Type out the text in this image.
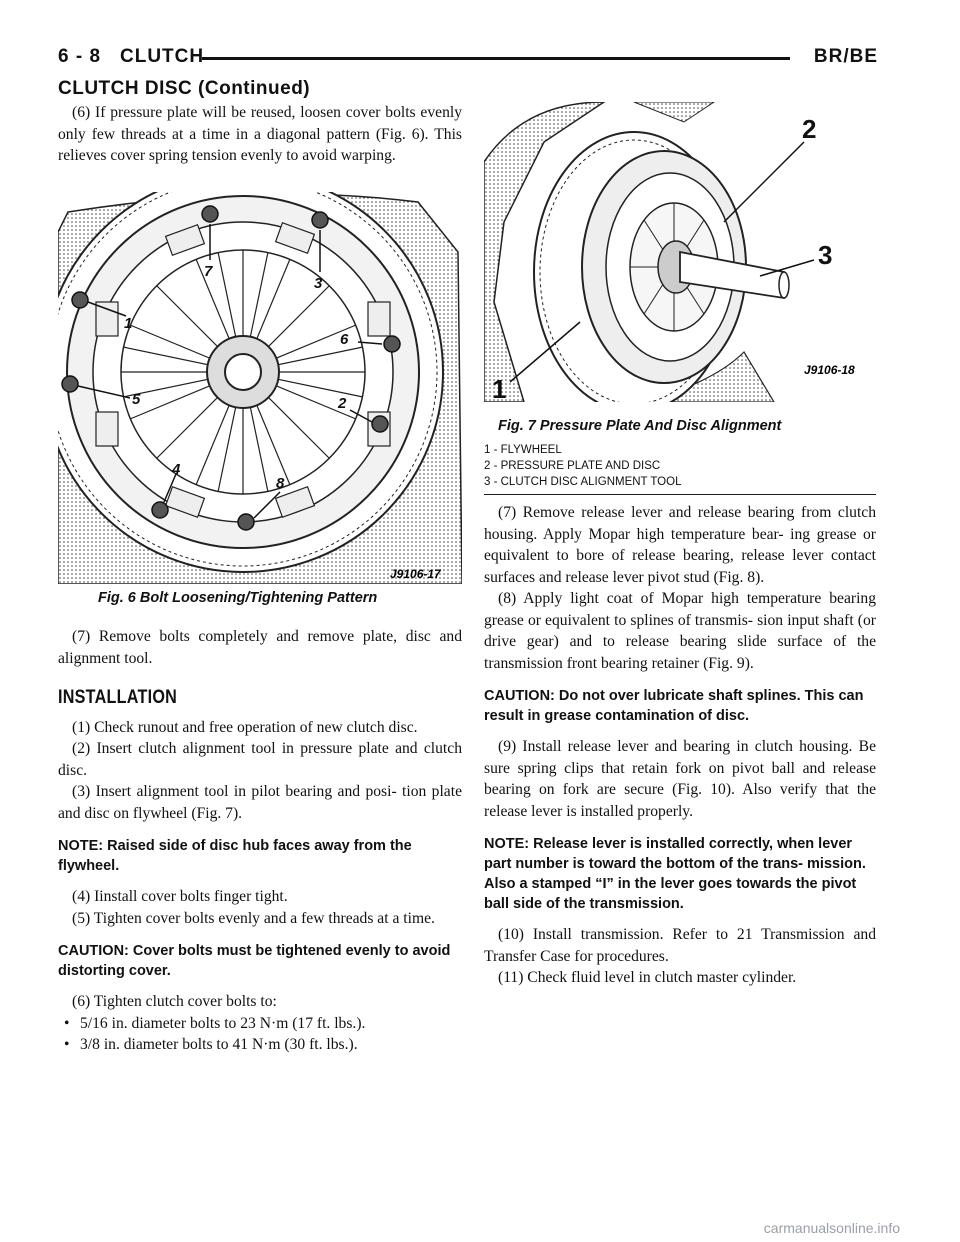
6 - 8 CLUTCH	BR/BE
CLUTCH DISC (Continued)

(6) If pressure plate will be reused, loosen cover bolts evenly only few threads at a time in a diagonal pattern (Fig. 6). This relieves cover spring tension evenly to avoid warping.

7
3
1
6
5	2
4
8
J9106-17
Fig. 6 Bolt Loosening/Tightening Pattern

(7) Remove bolts completely and remove plate, disc and alignment tool.

INSTALLATION

(1) Check runout and free operation of new clutch disc.

(2) Insert clutch alignment tool in pressure plate and clutch disc.

(3) Insert alignment tool in pilot bearing and posi- tion plate and disc on flywheel (Fig. 7).

NOTE: Raised side of disc hub faces away from the flywheel.

(4) Iinstall cover bolts finger tight.

(5) Tighten cover bolts evenly and a few threads at a time.

CAUTION: Cover bolts must be tightened evenly to avoid distorting cover.

(6) Tighten clutch cover bolts to:

• 5/16 in. diameter bolts to 23 N·m (17 ft. lbs.).

• 3/8 in. diameter bolts to 41 N·m (30 ft. lbs.).

1
2
3
J9106-18
Fig. 7 Pressure Plate And Disc Alignment
1 - FLYWHEEL
2 - PRESSURE PLATE AND DISC
3 - CLUTCH DISC ALIGNMENT TOOL

(7) Remove release lever and release bearing from clutch housing. Apply Mopar high temperature bear- ing grease or equivalent to bore of release bearing, release lever contact surfaces and release lever pivot stud (Fig. 8).

(8) Apply light coat of Mopar high temperature bearing grease or equivalent to splines of transmis- sion input shaft (or drive gear) and to release bearing slide surface of the transmission front bearing retainer (Fig. 9).

CAUTION: Do not over lubricate shaft splines. This can result in grease contamination of disc.

(9) Install release lever and bearing in clutch housing. Be sure spring clips that retain fork on pivot ball and release bearing on fork are secure (Fig. 10). Also verify that the release lever is installed properly.

NOTE: Release lever is installed correctly, when lever part number is toward the bottom of the trans- mission. Also a stamped “I” in the lever goes towards the pivot ball side of the transmission.

(10) Install transmission. Refer to 21 Transmission and Transfer Case for procedures.

(11) Check fluid level in clutch master cylinder.

carmanualsonline.info
